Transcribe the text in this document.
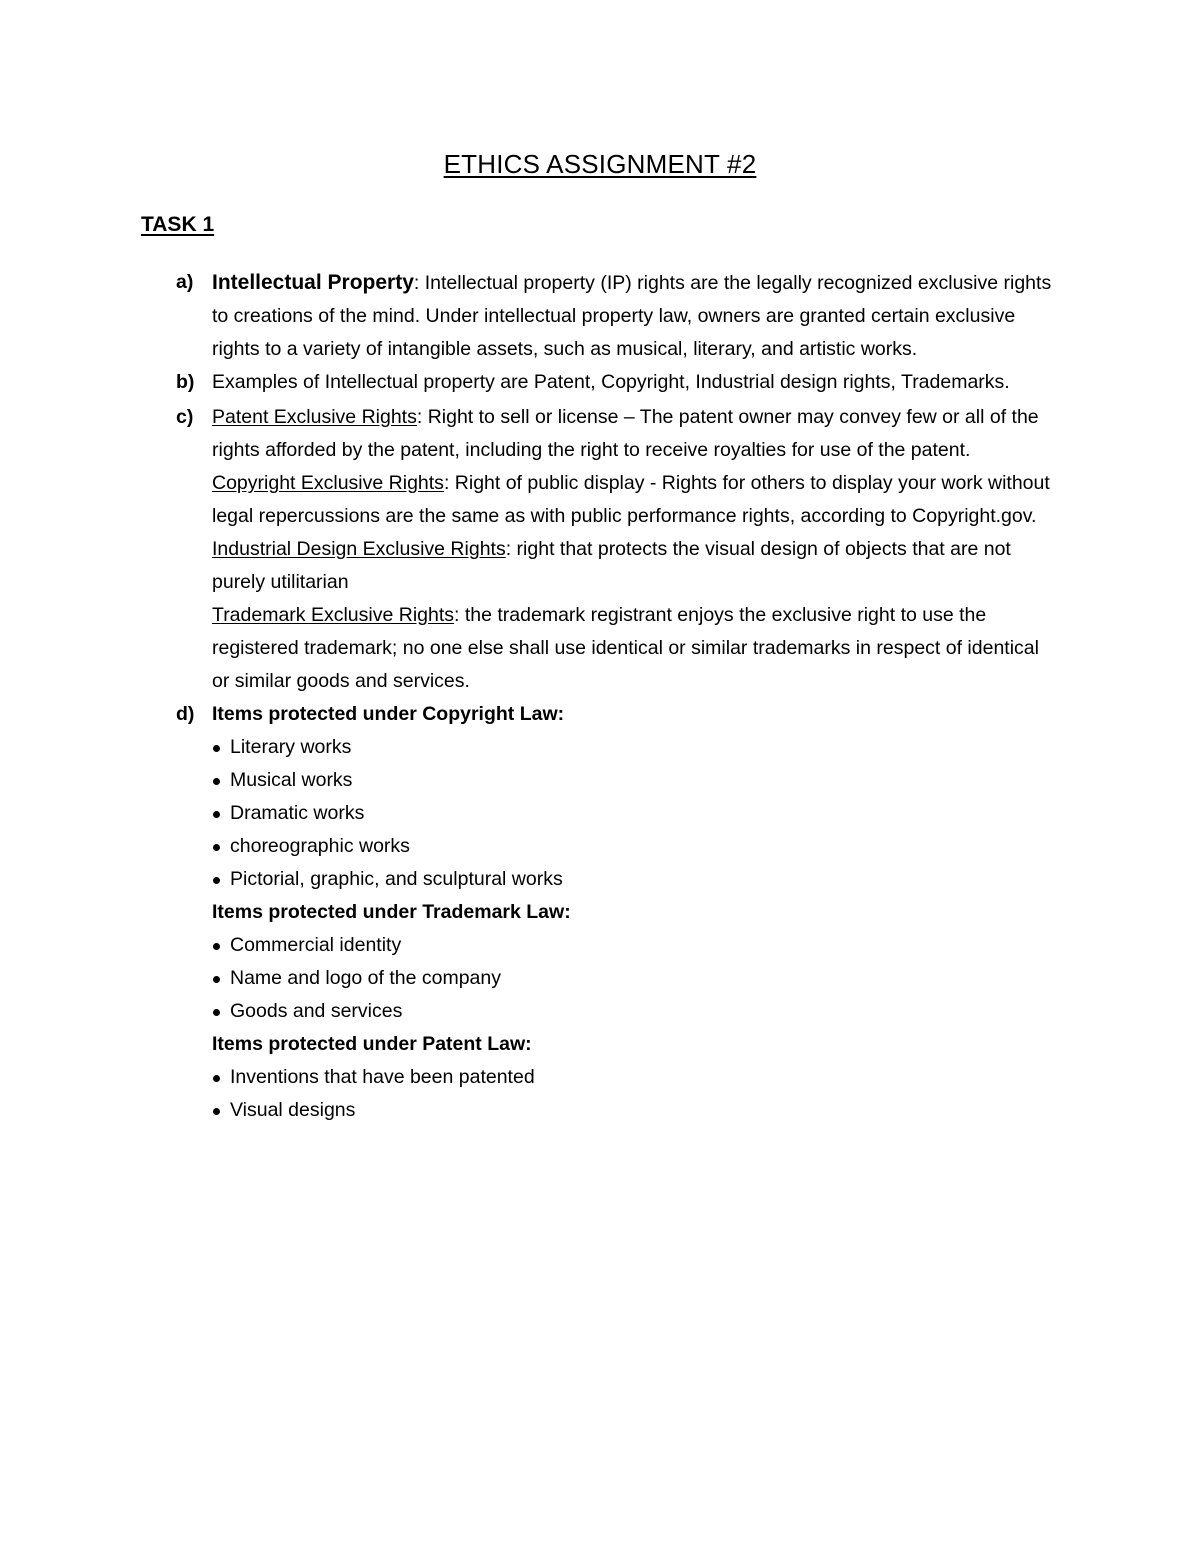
ETHICS ASSIGNMENT #2
TASK 1
a) Intellectual Property: Intellectual property (IP) rights are the legally recognized exclusive rights to creations of the mind. Under intellectual property law, owners are granted certain exclusive rights to a variety of intangible assets, such as musical, literary, and artistic works.
b) Examples of Intellectual property are Patent, Copyright, Industrial design rights, Trademarks.
c) Patent Exclusive Rights: Right to sell or license – The patent owner may convey few or all of the rights afforded by the patent, including the right to receive royalties for use of the patent.
Copyright Exclusive Rights: Right of public display - Rights for others to display your work without legal repercussions are the same as with public performance rights, according to Copyright.gov.
Industrial Design Exclusive Rights: right that protects the visual design of objects that are not purely utilitarian
Trademark Exclusive Rights: the trademark registrant enjoys the exclusive right to use the registered trademark; no one else shall use identical or similar trademarks in respect of identical or similar goods and services.
d) Items protected under Copyright Law:
Literary works
Musical works
Dramatic works
choreographic works
Pictorial, graphic, and sculptural works
Items protected under Trademark Law:
Commercial identity
Name and logo of the company
Goods and services
Items protected under Patent Law:
Inventions that have been patented
Visual designs
